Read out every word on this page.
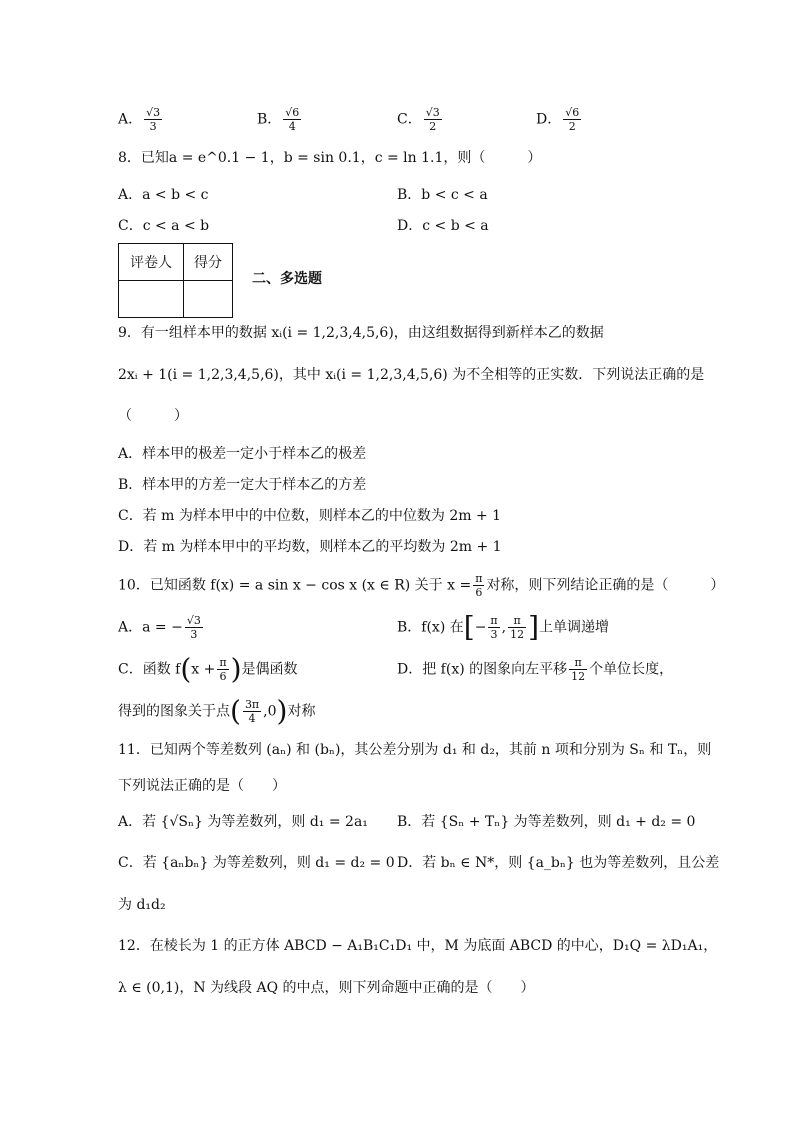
A． $\frac{√3}{3}$	B． $\frac{√6}{4}$	C． $\frac{√3}{2}$	D． $\frac{√6}{2}$
8．已知a = e^0.1 − 1，b = sin 0.1，c = ln 1.1，则（　　　）
A．a < b < c	B．b < c < a
C．c < a < b	D．c < b < a
评卷人	得分

二、多选题
9．有一组样本甲的数据 xᵢ(i = 1,2,3,4,5,6)，由这组数据得到新样本乙的数据
2xᵢ + 1(i = 1,2,3,4,5,6)，其中 xᵢ(i = 1,2,3,4,5,6) 为不全相等的正实数．下列说法正确的是
（　　　）
A．样本甲的极差一定小于样本乙的极差
B．样本甲的方差一定大于样本乙的方差
C．若 m 为样本甲中的中位数，则样本乙的中位数为 2m + 1
D．若 m 为样本甲中的平均数，则样本乙的平均数为 2m + 1
10．已知函数 f(x) = a sin x − cos x (x ∈ R) 关于 $x = \frac{\pi}{6}$ 对称，则下列结论正确的是（　　　）
A．a = − $\frac{√3}{3}$	B．f(x) 在[− $\frac{\pi}{3}$ , $\frac{\pi}{12}$ ]上单调递增
C．函数 $f(x + \frac{\pi}{6}$ )是偶函数	D．把 f(x) 的图象向左平移 $\frac{\pi}{12}$ 个单位长度，
得到的图象关于点( $\frac{3\pi}{4} ,0$)对称
11．已知两个等差数列 (aₙ) 和 (bₙ)，其公差分别为 d₁ 和 d₂，其前 n 项和分别为 Sₙ 和 Tₙ，则
下列说法正确的是（　　）
A．若 {√Sₙ} 为等差数列，则 d₁ = 2a₁ B．若 {Sₙ + Tₙ} 为等差数列，则 d₁ + d₂ = 0
C．若 {aₙbₙ} 为等差数列，则 d₁ = d₂ = 0 D．若 bₙ ∈ N*，则 {a_bₙ} 也为等差数列，且公差
为 d₁d₂
12．在棱长为 1 的正方体 ABCD − A₁B₁C₁D₁ 中，M 为底面 ABCD 的中心，D₁Q = λD₁A₁，
λ ∈ (0,1)，N 为线段 AQ 的中点，则下列命题中正确的是（　　）
